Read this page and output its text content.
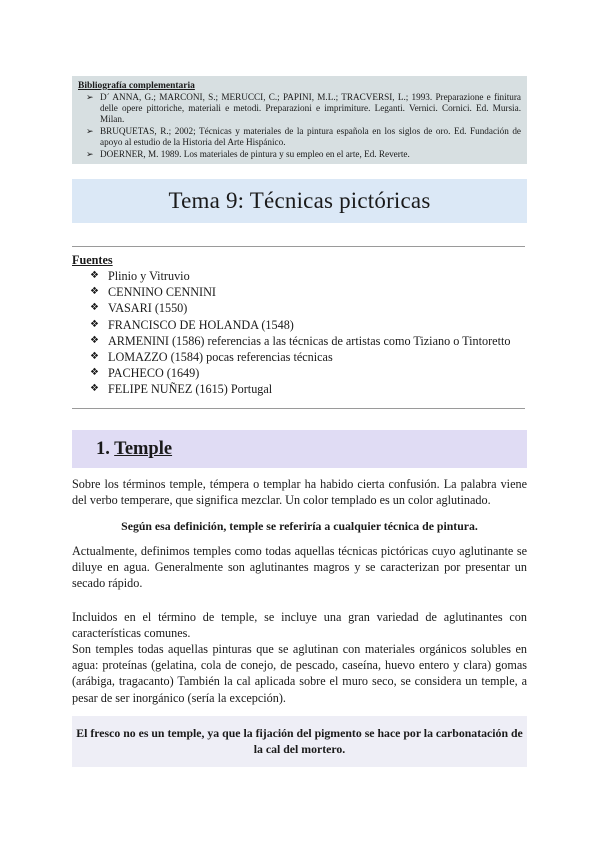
Bibliografía complementaria
➢ D´ ANNA, G.; MARCONI, S.; MERUCCI, C.; PAPINI, M.L.; TRACVERSI, L.; 1993. Preparazione e finitura delle opere pittoriche, materiali e metodi. Preparazioni e imprimiture. Leganti. Vernici. Cornici. Ed. Mursia. Milan.
➢ BRUQUETAS, R.; 2002; Técnicas y materiales de la pintura española en los siglos de oro. Ed. Fundación de apoyo al estudio de la Historia del Arte Hispánico.
➢ DOERNER, M. 1989. Los materiales de pintura y su empleo en el arte, Ed. Reverte.
Tema 9: Técnicas pictóricas
Fuentes
❖ Plinio y Vitruvio
❖ CENNINO CENNINI
❖ VASARI (1550)
❖ FRANCISCO DE HOLANDA (1548)
❖ ARMENINI (1586) referencias a las técnicas de artistas como Tiziano o Tintoretto
❖ LOMAZZO (1584) pocas referencias técnicas
❖ PACHECO (1649)
❖ FELIPE NUÑEZ (1615) Portugal
1. Temple

Sobre los términos temple, témpera o templar ha habido cierta confusión. La palabra viene del verbo temperare, que significa mezclar. Un color templado es un color aglutinado.

Según esa definición, temple se referiría a cualquier técnica de pintura.

Actualmente, definimos temples como todas aquellas técnicas pictóricas cuyo aglutinante se diluye en agua. Generalmente son aglutinantes magros y se caracterizan por presentar un secado rápido.

Incluidos en el término de temple, se incluye una gran variedad de aglutinantes con características comunes.

Son temples todas aquellas pinturas que se aglutinan con materiales orgánicos solubles en agua: proteínas (gelatina, cola de conejo, de pescado, caseína, huevo entero y clara) gomas (arábiga, tragacanto) También la cal aplicada sobre el muro seco, se considera un temple, a pesar de ser inorgánico (sería la excepción).

El fresco no es un temple, ya que la fijación del pigmento se hace por la carbonatación de la cal del mortero.
